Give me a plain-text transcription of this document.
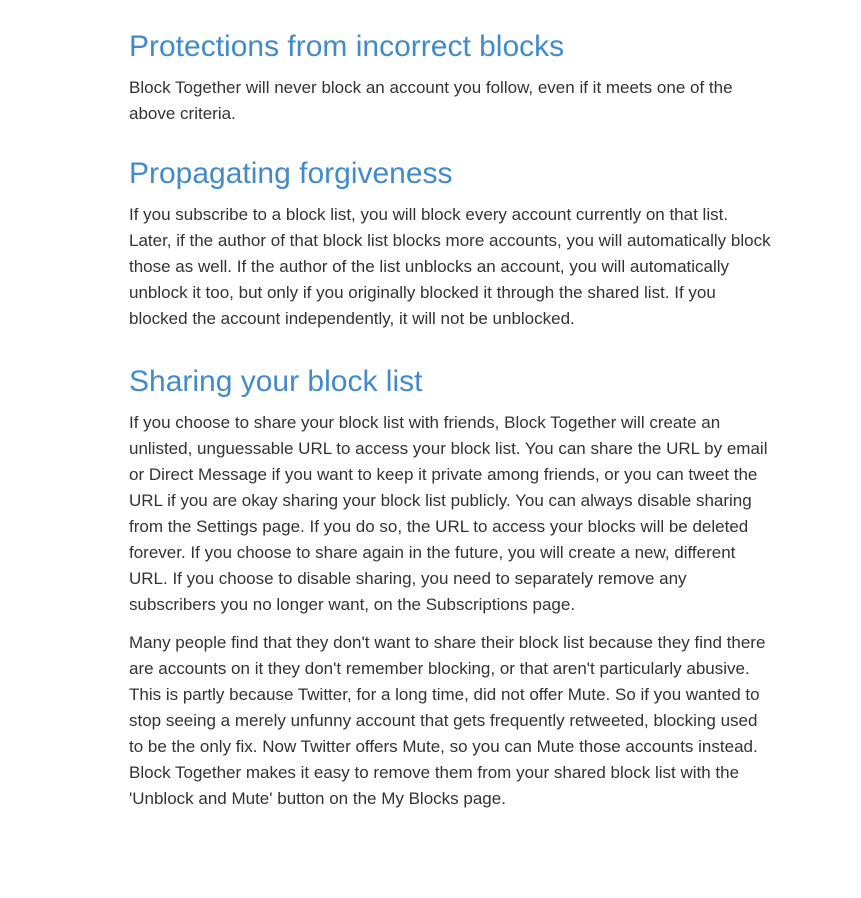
Protections from incorrect blocks

Block Together will never block an account you follow, even if it meets one of the above criteria.

Propagating forgiveness

If you subscribe to a block list, you will block every account currently on that list. Later, if the author of that block list blocks more accounts, you will automatically block those as well. If the author of the list unblocks an account, you will automatically unblock it too, but only if you originally blocked it through the shared list. If you blocked the account independently, it will not be unblocked.

Sharing your block list

If you choose to share your block list with friends, Block Together will create an unlisted, unguessable URL to access your block list. You can share the URL by email or Direct Message if you want to keep it private among friends, or you can tweet the URL if you are okay sharing your block list publicly. You can always disable sharing from the Settings page. If you do so, the URL to access your blocks will be deleted forever. If you choose to share again in the future, you will create a new, different URL. If you choose to disable sharing, you need to separately remove any subscribers you no longer want, on the Subscriptions page.

Many people find that they don't want to share their block list because they find there are accounts on it they don't remember blocking, or that aren't particularly abusive. This is partly because Twitter, for a long time, did not offer Mute. So if you wanted to stop seeing a merely unfunny account that gets frequently retweeted, blocking used to be the only fix. Now Twitter offers Mute, so you can Mute those accounts instead. Block Together makes it easy to remove them from your shared block list with the 'Unblock and Mute' button on the My Blocks page.
